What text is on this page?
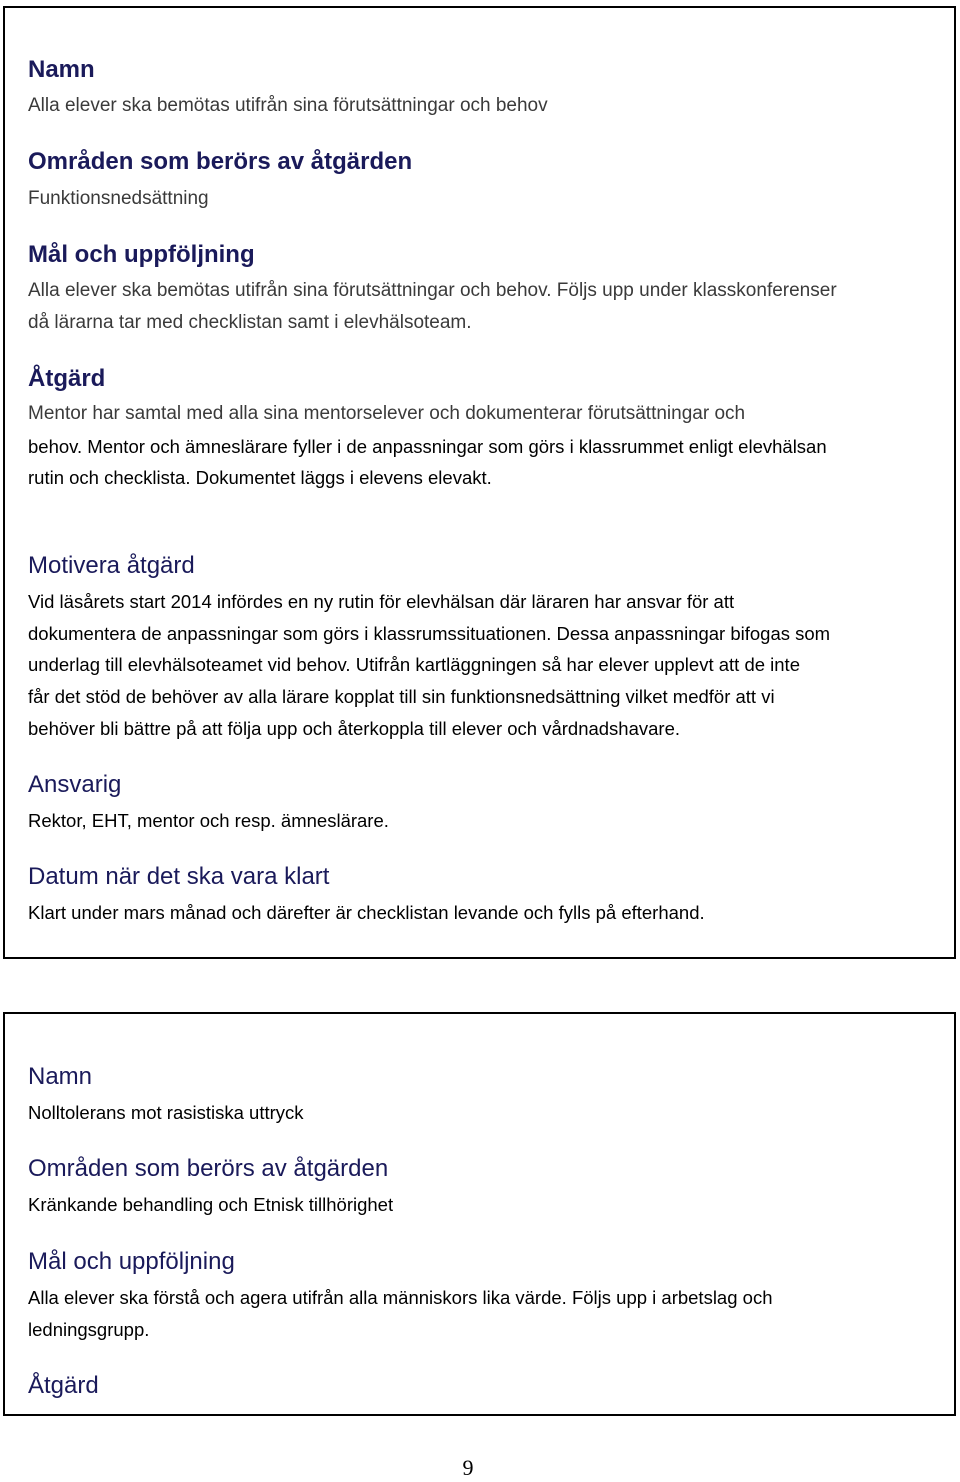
Namn

Alla elever ska bemötas utifrån sina förutsättningar och behov

Områden som berörs av åtgärden

Funktionsnedsättning

Mål och uppföljning

Alla elever ska bemötas utifrån sina förutsättningar och behov. Följs upp under klasskonferenser

då lärarna tar med checklistan samt i elevhälsoteam.

Åtgärd

Mentor har samtal med alla sina mentorselever och dokumenterar förutsättningar och

behov. Mentor och ämneslärare fyller i de anpassningar som görs i klassrummet enligt elevhälsan

rutin och checklista. Dokumentet läggs i elevens elevakt.

Motivera åtgärd

Vid läsårets start 2014 infördes en ny rutin för elevhälsan där läraren har ansvar för att

dokumentera de anpassningar som görs i klassrumssituationen. Dessa anpassningar bifogas som

underlag till elevhälsoteamet vid behov. Utifrån kartläggningen så har elever upplevt att de inte

får det stöd de behöver av alla lärare kopplat till sin funktionsnedsättning vilket medför att vi

behöver bli bättre på att följa upp och återkoppla till elever och vårdnadshavare.

Ansvarig

Rektor, EHT, mentor och resp. ämneslärare.

Datum när det ska vara klart

Klart under mars månad och därefter är checklistan levande och fylls på efterhand.

Namn

Nolltolerans mot rasistiska uttryck

Områden som berörs av åtgärden

Kränkande behandling och Etnisk tillhörighet

Mål och uppföljning

Alla elever ska förstå och agera utifrån alla människors lika värde. Följs upp i arbetslag och

ledningsgrupp.

Åtgärd
9
